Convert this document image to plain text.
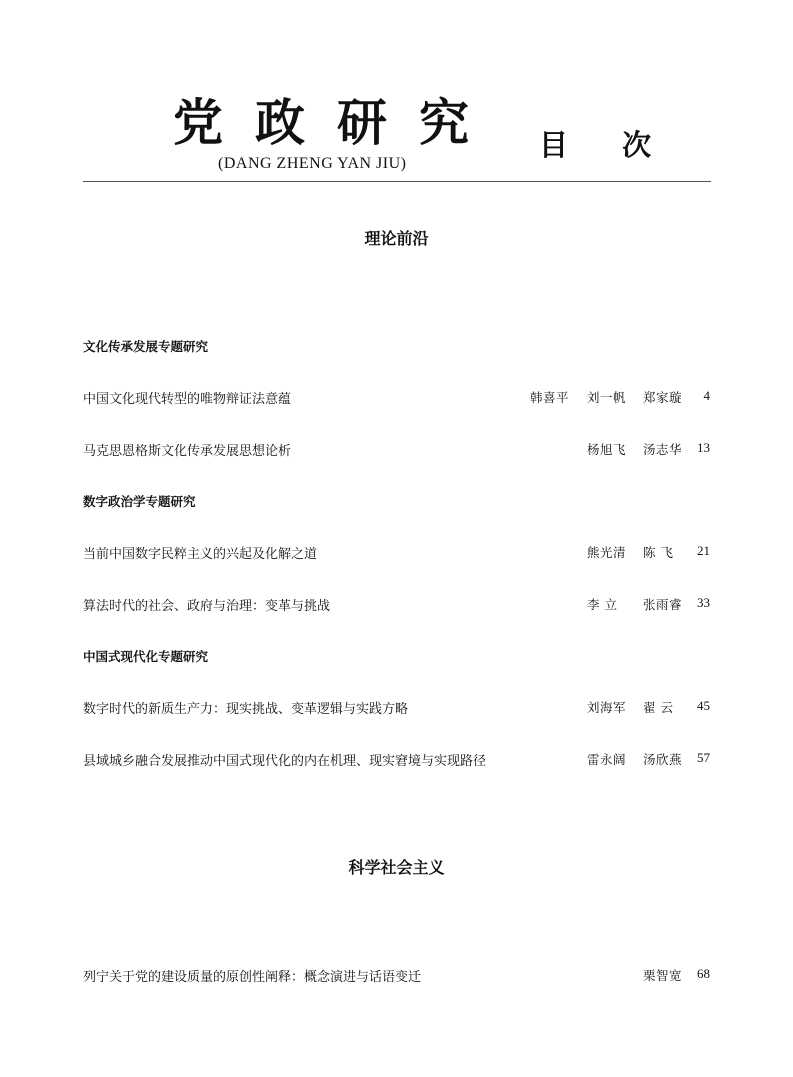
党政研究
(DANG ZHENG YAN JIU)
目 次
理论前沿
文化传承发展专题研究
中国文化现代转型的唯物辩证法意蕴	韩喜平 刘一帆 郑家璇	4
马克思恩格斯文化传承发展思想论析	杨旭飞 汤志华	13
数字政治学专题研究
当前中国数字民粹主义的兴起及化解之道	熊光清 陈 飞	21
算法时代的社会、政府与治理：变革与挑战	李 立 张雨睿	33
中国式现代化专题研究
数字时代的新质生产力：现实挑战、变革逻辑与实践方略	刘海军 翟 云	45
县域城乡融合发展推动中国式现代化的内在机理、现实窘境与实现路径	雷永阔 汤欣燕	57
科学社会主义
列宁关于党的建设质量的原创性阐释：概念演进与话语变迁	栗智宽	68
